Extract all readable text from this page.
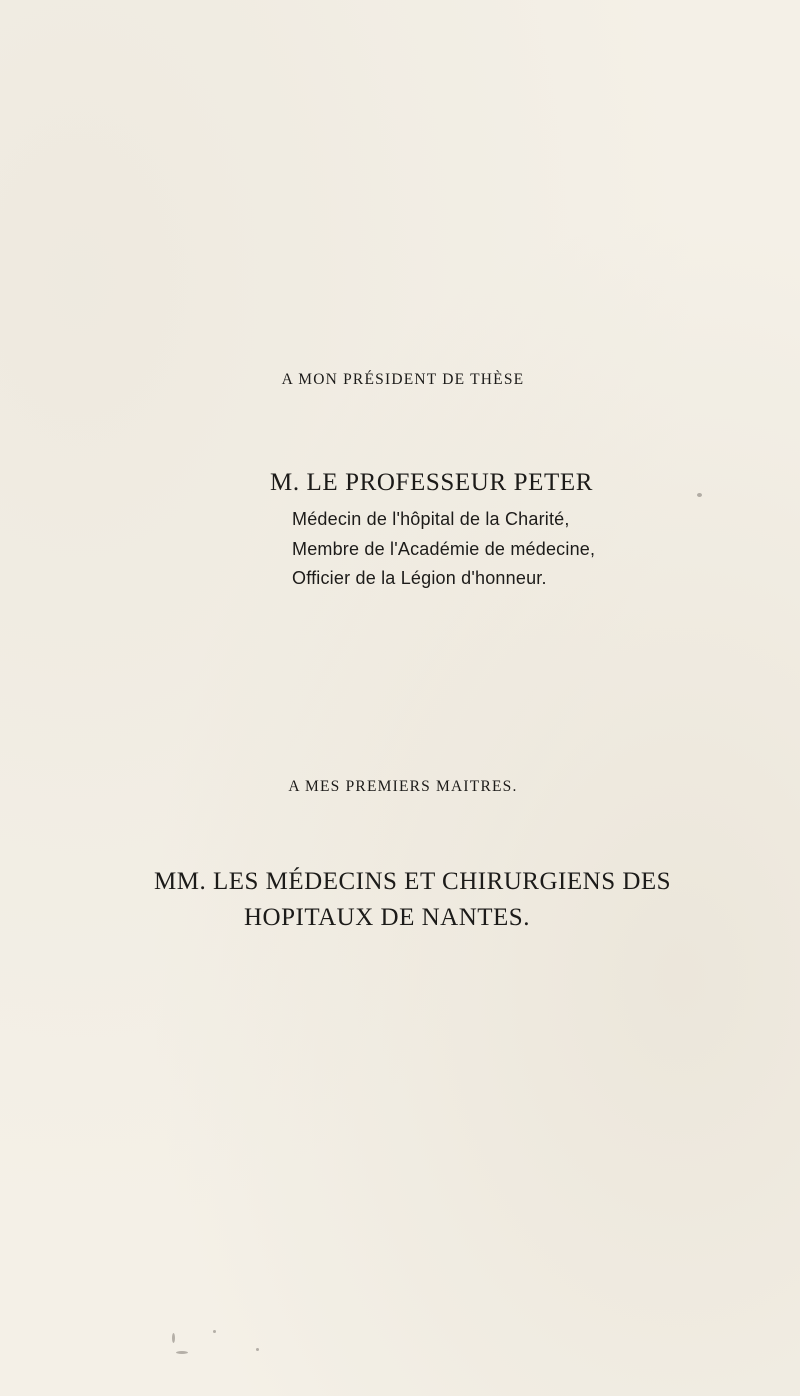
A MON PRÉSIDENT DE THÈSE
M. LE PROFESSEUR PETER
Médecin de l'hôpital de la Charité,
Membre de l'Académie de médecine,
Officier de la Légion d'honneur.
A MES PREMIERS MAITRES.
MM. LES MÉDECINS ET CHIRURGIENS DES
HOPITAUX DE NANTES.
